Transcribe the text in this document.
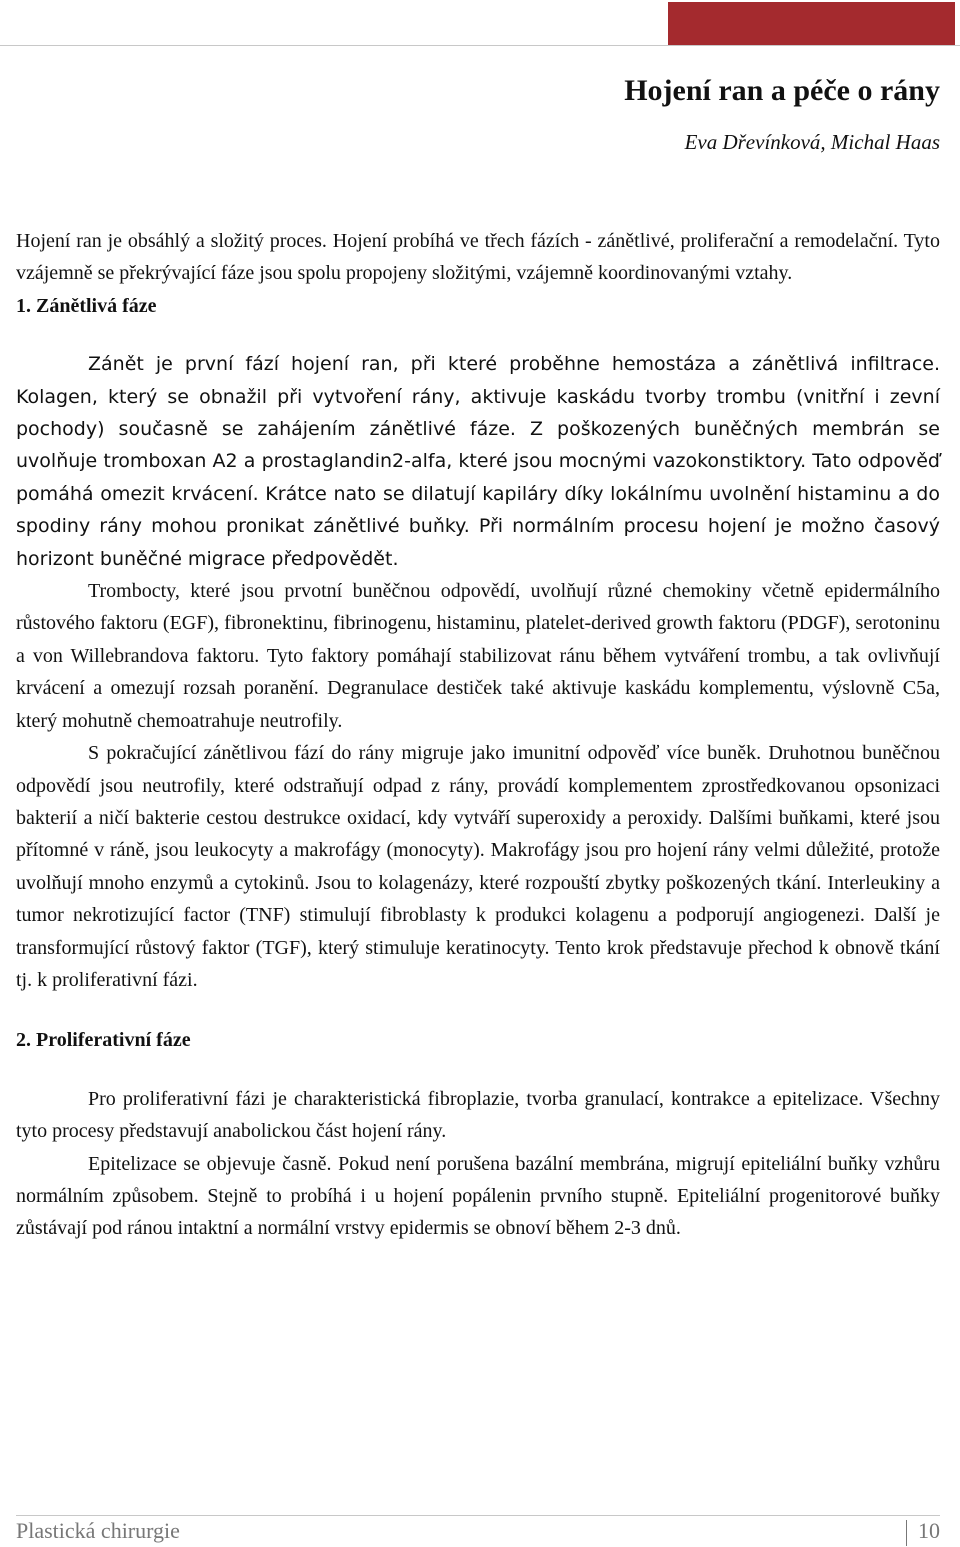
Hojení ran a péče o rány
Eva Dřevínková, Michal Haas

Hojení ran je obsáhlý a složitý proces. Hojení probíhá ve třech fázích - zánětlivé, proliferační a remodelační. Tyto vzájemně se překrývající fáze jsou spolu propojeny složitými, vzájemně koordinovanými vztahy.

1. Zánětlivá fáze

Zánět je první fází hojení ran, při které proběhne hemostáza a zánětlivá infiltrace. Kolagen, který se obnažil při vytvoření rány, aktivuje kaskádu tvorby trombu (vnitřní i zevní pochody) současně se zahájením zánětlivé fáze. Z poškozených buněčných membrán se uvolňuje tromboxan A2 a prostaglandin2-alfa, které jsou mocnými vazokonstiktory. Tato odpověď pomáhá omezit krvácení. Krátce nato se dilatují kapiláry díky lokálnímu uvolnění histaminu a do spodiny rány mohou pronikat zánětlivé buňky. Při normálním procesu hojení je možno časový horizont buněčné migrace předpovědět.

Trombocty, které jsou prvotní buněčnou odpovědí, uvolňují různé chemokiny včetně epidermálního růstového faktoru (EGF), fibronektinu, fibrinogenu, histaminu, platelet-derived growth faktoru (PDGF), serotoninu a von Willebrandova faktoru. Tyto faktory pomáhají stabilizovat ránu během vytváření trombu, a tak ovlivňují krvácení a omezují rozsah poranění. Degranulace destiček také aktivuje kaskádu komplementu, výslovně C5a, který mohutně chemoatrahuje neutrofily.

S pokračující zánětlivou fází do rány migruje jako imunitní odpověď více buněk. Druhotnou buněčnou odpovědí jsou neutrofily, které odstraňují odpad z rány, provádí komplementem zprostředkovanou opsonizaci bakterií a ničí bakterie cestou destrukce oxidací, kdy vytváří superoxidy a peroxidy. Dalšími buňkami, které jsou přítomné v ráně, jsou leukocyty a makrofágy (monocyty). Makrofágy jsou pro hojení rány velmi důležité, protože uvolňují mnoho enzymů a cytokinů. Jsou to kolagenázy, které rozpouští zbytky poškozených tkání. Interleukiny a tumor nekrotizující factor (TNF) stimulují fibroblasty k produkci kolagenu a podporují angiogenezi. Další je transformující růstový faktor (TGF), který stimuluje keratinocyty. Tento krok představuje přechod k obnově tkání tj. k proliferativní fázi.

2. Proliferativní fáze

Pro proliferativní fázi je charakteristická fibroplazie, tvorba granulací, kontrakce a epitelizace. Všechny tyto procesy představují anabolickou část hojení rány.

Epitelizace se objevuje časně. Pokud není porušena bazální membrána, migrují epiteliální buňky vzhůru normálním způsobem. Stejně to probíhá i u hojení popálenin prvního stupně. Epiteliální progenitorové buňky zůstávají pod ránou intaktní a normální vrstvy epidermis se obnoví během 2-3 dnů.

Plastická chirurgie	10
